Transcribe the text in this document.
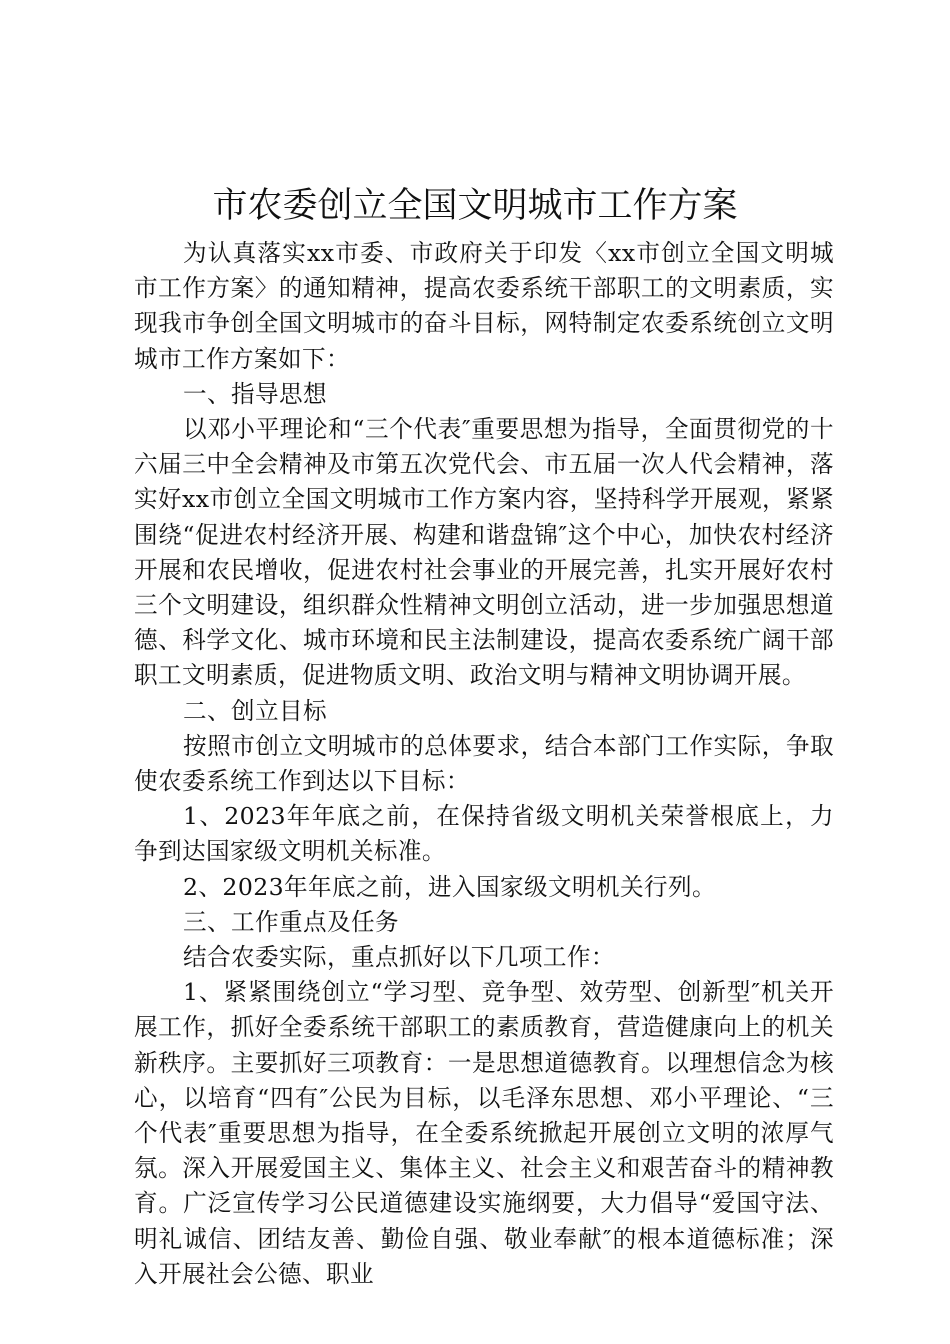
市农委创立全国文明城市工作方案

为认真落实xx市委、市政府关于印发〈xx市创立全国文明城市工作方案〉的通知精神，提高农委系统干部职工的文明素质，实现我市争创全国文明城市的奋斗目标，网特制定农委系统创立文明城市工作方案如下：

一、指导思想

以邓小平理论和“三个代表″重要思想为指导，全面贯彻党的十六届三中全会精神及市第五次党代会、市五届一次人代会精神，落实好xx市创立全国文明城市工作方案内容，坚持科学开展观，紧紧围绕“促进农村经济开展、构建和谐盘锦″这个中心，加快农村经济开展和农民增收，促进农村社会事业的开展完善，扎实开展好农村三个文明建设，组织群众性精神文明创立活动，进一步加强思想道德、科学文化、城市环境和民主法制建设，提高农委系统广阔干部职工文明素质，促进物质文明、政治文明与精神文明协调开展。

二、创立目标

按照市创立文明城市的总体要求，结合本部门工作实际，争取使农委系统工作到达以下目标：

1、2023年年底之前，在保持省级文明机关荣誉根底上，力争到达国家级文明机关标准。

2、2023年年底之前，进入国家级文明机关行列。

三、工作重点及任务

结合农委实际，重点抓好以下几项工作：

1、紧紧围绕创立“学习型、竞争型、效劳型、创新型″机关开展工作，抓好全委系统干部职工的素质教育，营造健康向上的机关新秩序。主要抓好三项教育：一是思想道德教育。以理想信念为核心，以培育“四有″公民为目标，以毛泽东思想、邓小平理论、“三个代表″重要思想为指导，在全委系统掀起开展创立文明的浓厚气氛。深入开展爱国主义、集体主义、社会主义和艰苦奋斗的精神教育。广泛宣传学习公民道德建设实施纲要，大力倡导“爱国守法、明礼诚信、团结友善、勤俭自强、敬业奉献″的根本道德标准；深入开展社会公德、职业
